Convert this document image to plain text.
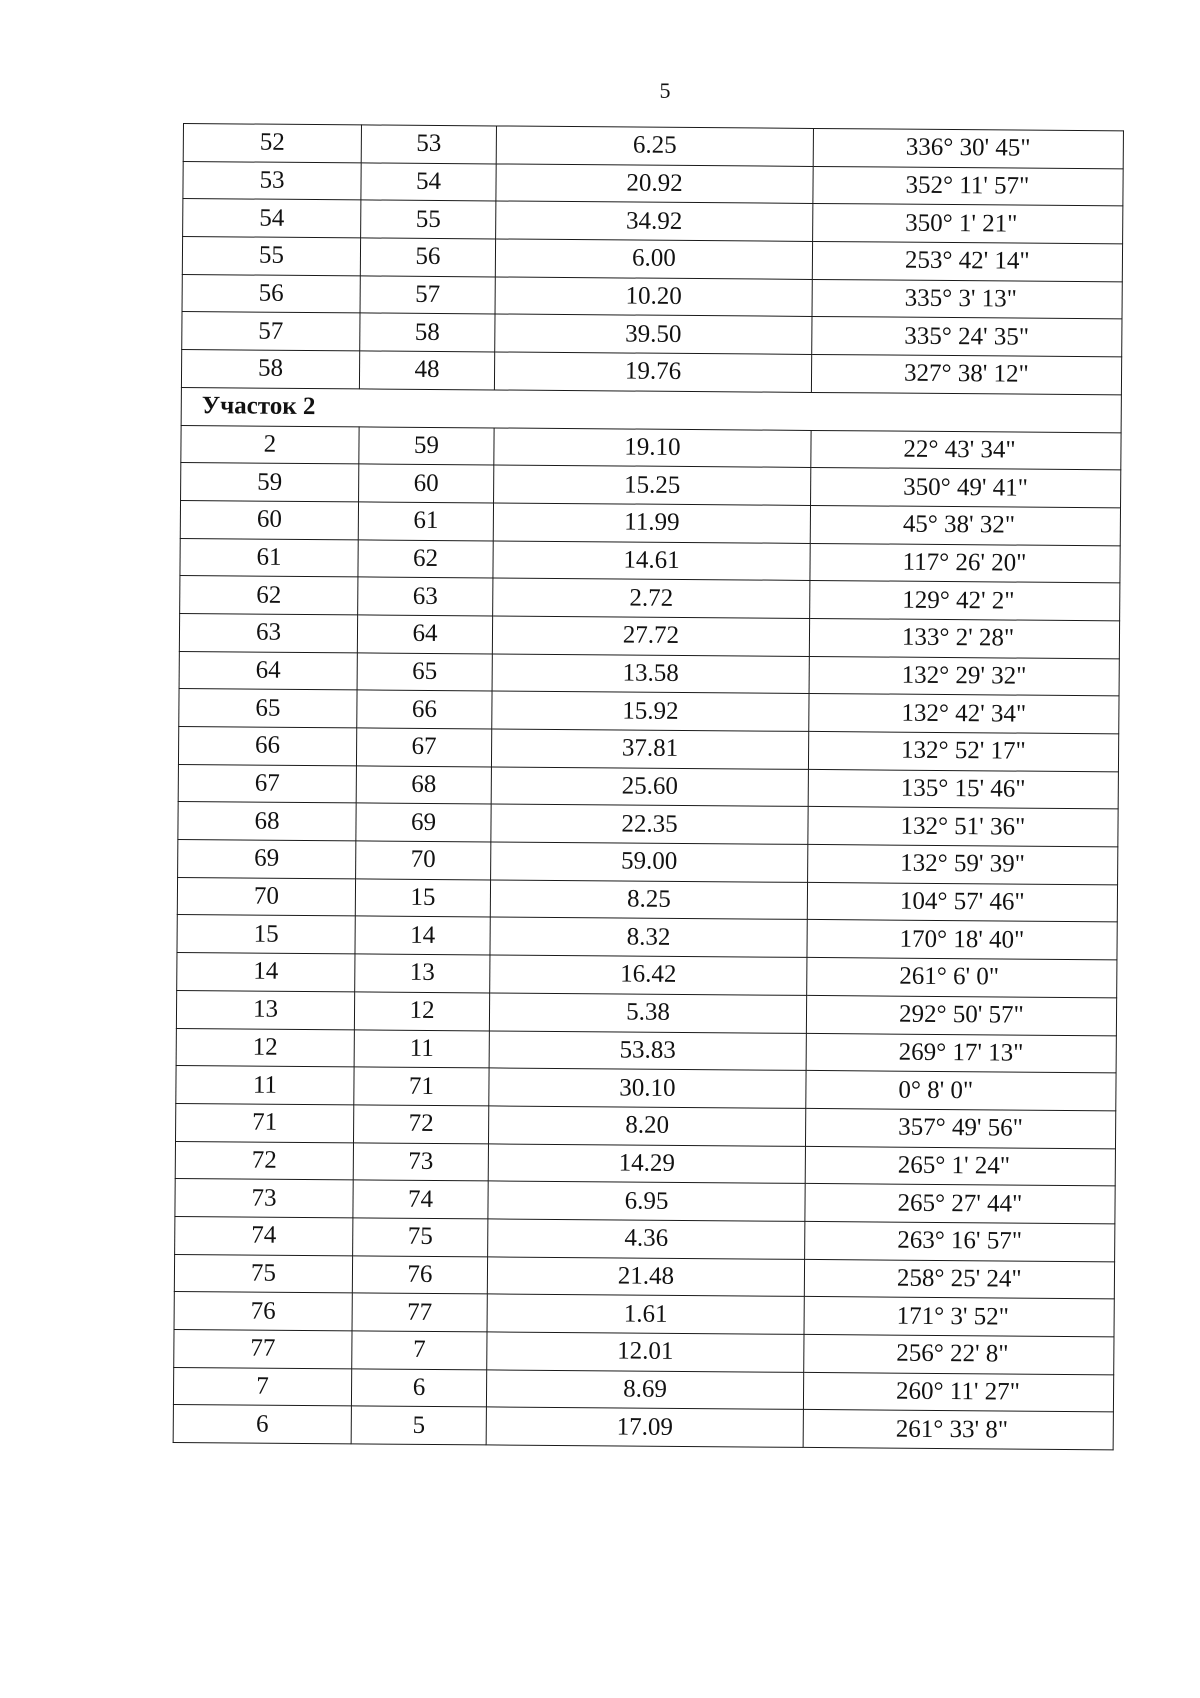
5
52	53	6.25	336° 30' 45"
53	54	20.92	352° 11' 57"
54	55	34.92	350° 1' 21"
55	56	6.00	253° 42' 14"
56	57	10.20	335° 3' 13"
57	58	39.50	335° 24' 35"
58	48	19.76	327° 38' 12"
Участок 2			
2	59	19.10	22° 43' 34"
59	60	15.25	350° 49' 41"
60	61	11.99	45° 38' 32"
61	62	14.61	117° 26' 20"
62	63	2.72	129° 42' 2"
63	64	27.72	133° 2' 28"
64	65	13.58	132° 29' 32"
65	66	15.92	132° 42' 34"
66	67	37.81	132° 52' 17"
67	68	25.60	135° 15' 46"
68	69	22.35	132° 51' 36"
69	70	59.00	132° 59' 39"
70	15	8.25	104° 57' 46"
15	14	8.32	170° 18' 40"
14	13	16.42	261° 6' 0"
13	12	5.38	292° 50' 57"
12	11	53.83	269° 17' 13"
11	71	30.10	0° 8' 0"
71	72	8.20	357° 49' 56"
72	73	14.29	265° 1' 24"
73	74	6.95	265° 27' 44"
74	75	4.36	263° 16' 57"
75	76	21.48	258° 25' 24"
76	77	1.61	171° 3' 52"
77	7	12.01	256° 22' 8"
7	6	8.69	260° 11' 27"
6	5	17.09	261° 33' 8"
